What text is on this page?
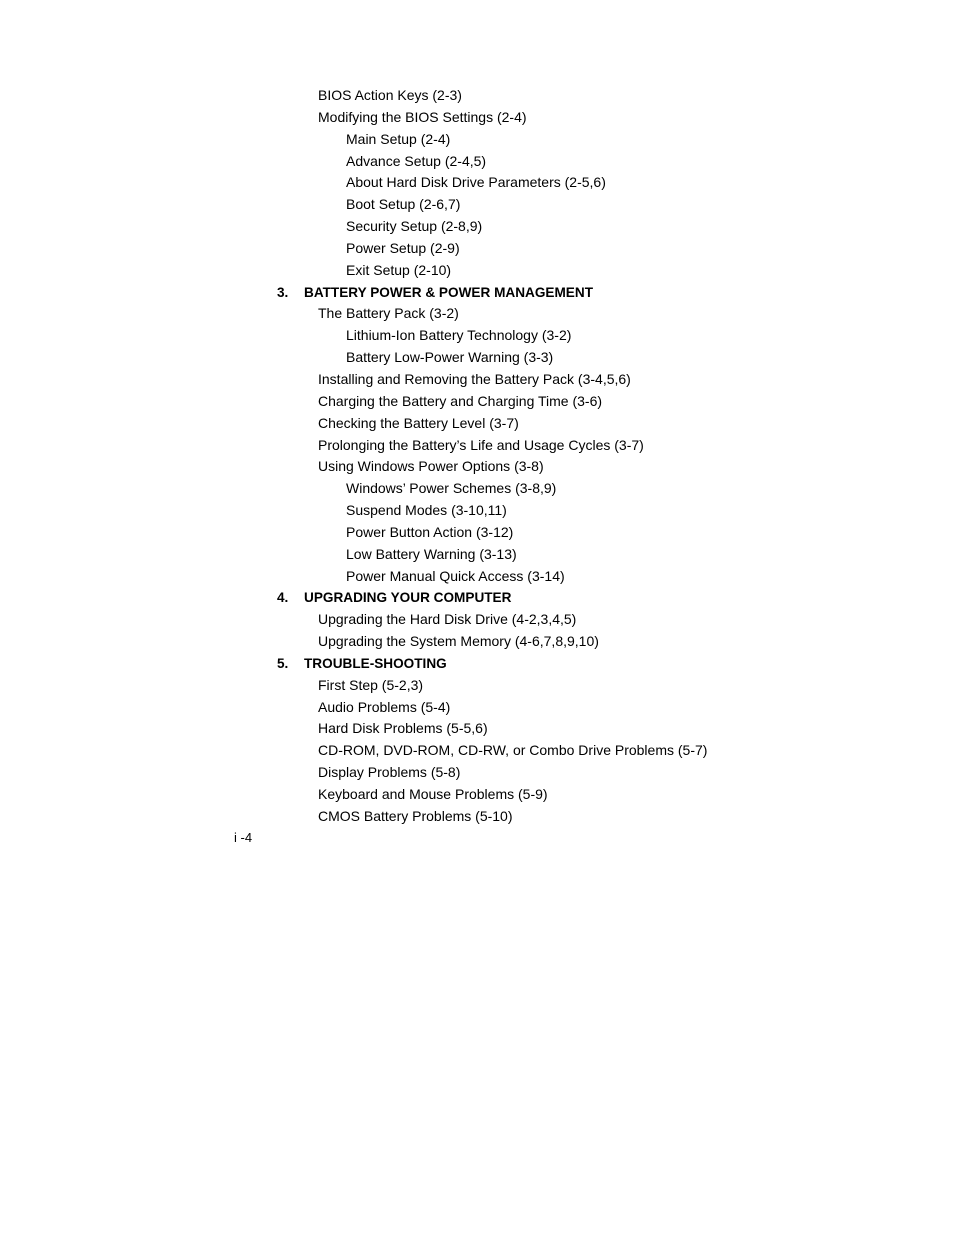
BIOS Action Keys (2-3)
Modifying the BIOS Settings (2-4)
Main Setup (2-4)
Advance Setup (2-4,5)
About Hard Disk Drive Parameters (2-5,6)
Boot Setup (2-6,7)
Security Setup (2-8,9)
Power Setup (2-9)
Exit Setup (2-10)
3. BATTERY POWER & POWER MANAGEMENT
The Battery Pack (3-2)
Lithium-Ion Battery Technology (3-2)
Battery Low-Power Warning (3-3)
Installing and Removing the Battery Pack (3-4,5,6)
Charging the Battery and Charging Time (3-6)
Checking the Battery Level (3-7)
Prolonging the Battery’s Life and Usage Cycles (3-7)
Using Windows Power Options (3-8)
Windows’ Power Schemes (3-8,9)
Suspend Modes (3-10,11)
Power Button Action (3-12)
Low Battery Warning (3-13)
Power Manual Quick Access (3-14)
4. UPGRADING YOUR COMPUTER
Upgrading the Hard Disk Drive (4-2,3,4,5)
Upgrading the System Memory (4-6,7,8,9,10)
5. TROUBLE-SHOOTING
First Step (5-2,3)
Audio Problems (5-4)
Hard Disk Problems (5-5,6)
CD-ROM, DVD-ROM, CD-RW, or Combo Drive Problems (5-7)
Display Problems (5-8)
Keyboard and Mouse Problems (5-9)
CMOS Battery Problems (5-10)
i -4
